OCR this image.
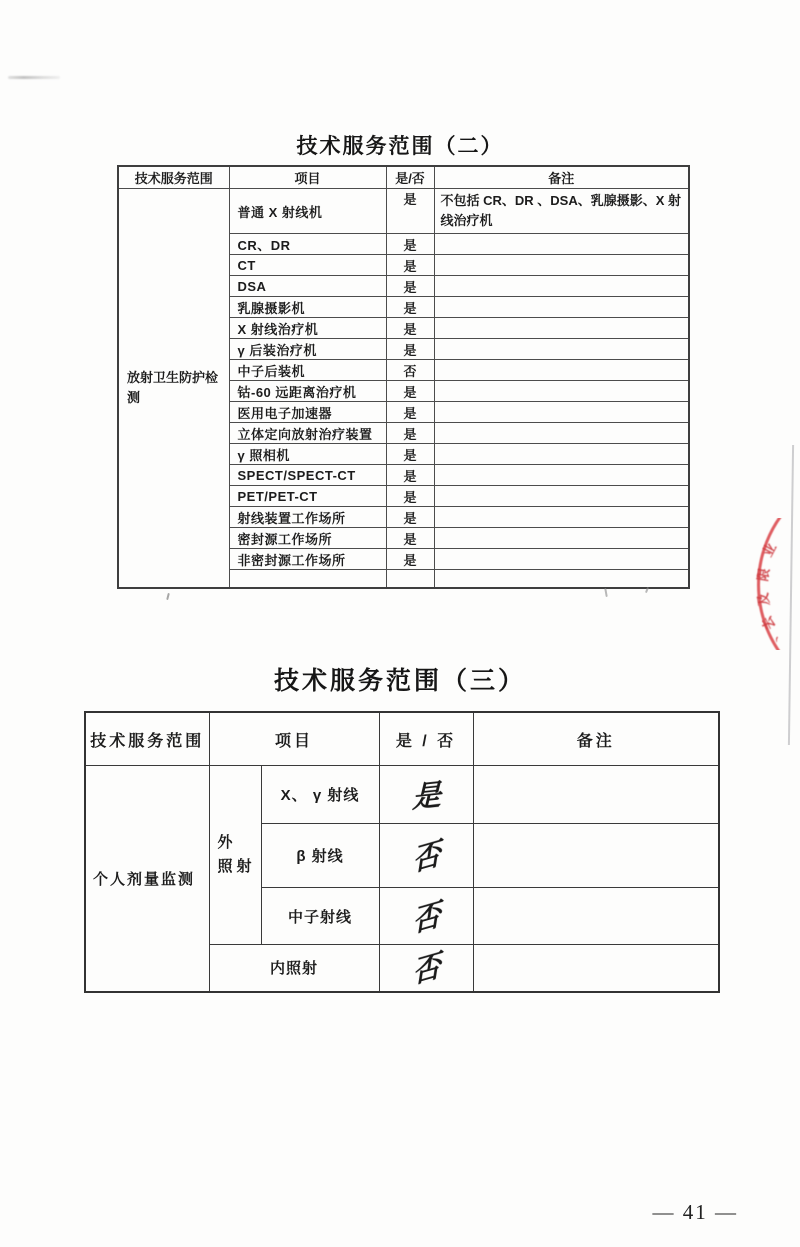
技术服务范围（二）
技术服务范围	项目	是/否	备注
放射卫生防护检测	普通 X 射线机	是	不包括 CR、DR 、DSA、乳腺摄影、X 射线治疗机
	CR、DR	是	
	CT	是	
	DSA	是	
	乳腺摄影机	是	
	X 射线治疗机	是	
	γ 后装治疗机	是	
	中子后装机	否	
	钴-60 远距离治疗机	是	
	医用电子加速器	是	
	立体定向放射治疗装置	是	
	γ 照相机	是	
	SPECT/SPECT-CT	是	
	PET/PET-CT	是	
	射线装置工作场所	是	
	密封源工作场所	是	
	非密封源工作场所	是	

业
限
及
去
丶
技术服务范围（三）
技术服务范围	项目		是 / 否	备注
个人剂量监测	外 照射	X、 γ 射线	是	
		β 射线	否	
		中子射线	否	
	内照射		否	
— 41 —
